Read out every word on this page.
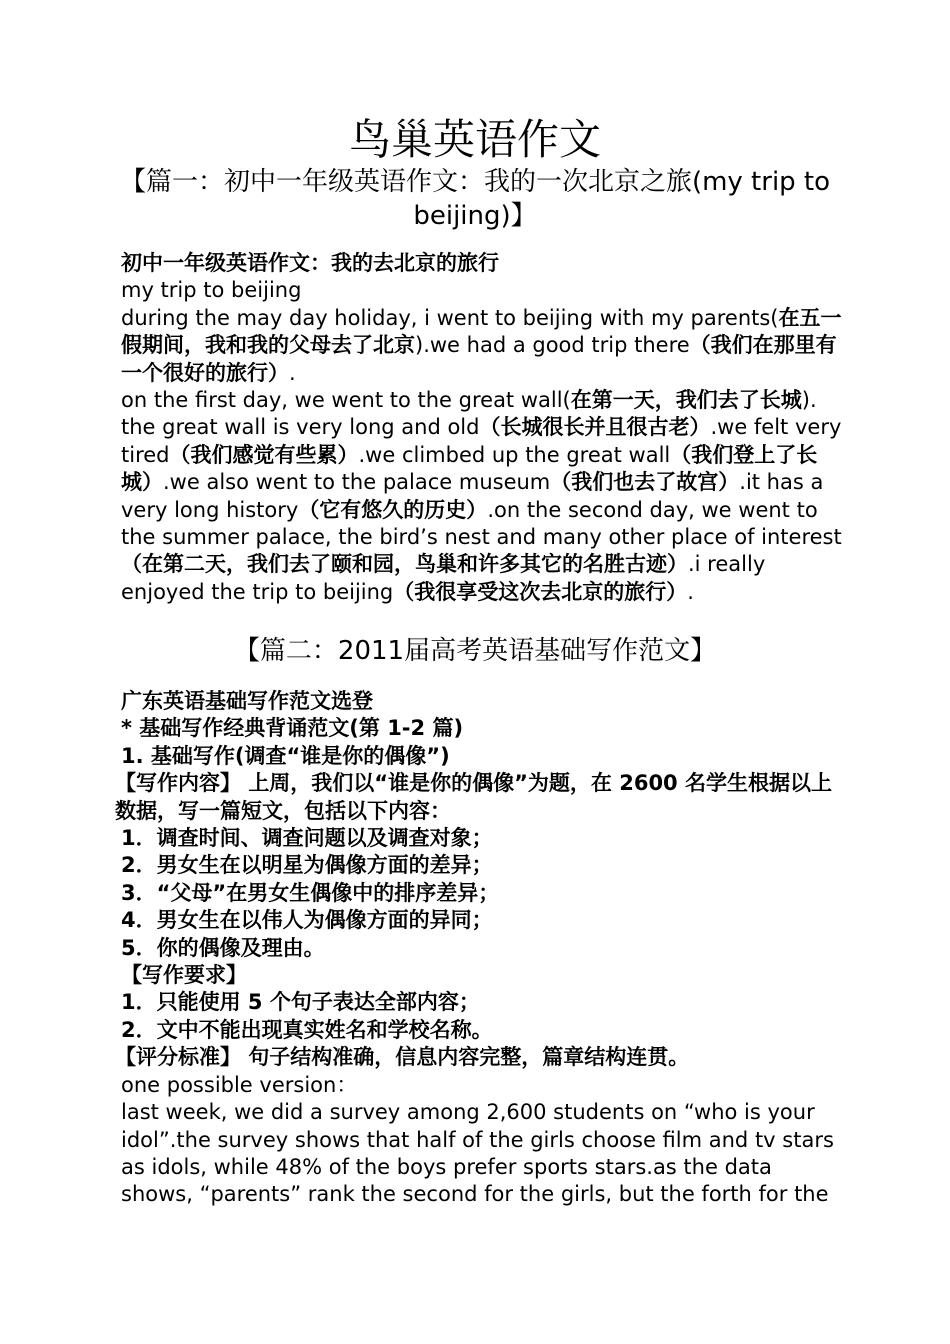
鸟巢英语作文
【篇一：初中一年级英语作文：我的一次北京之旅(my trip to beijing)】

初中一年级英语作文：我的去北京的旅行

my trip to beijing

during the may day holiday, i went to beijing with my parents(在五一假期间，我和我的父母去了北京).we had a good trip there（我们在那里有一个很好的旅行）.

on the first day, we went to the great wall(在第一天，我们去了长城). the great wall is very long and old（长城很长并且很古老）.we felt very tired（我们感觉有些累）.we climbed up the great wall（我们登上了长城）.we also went to the palace museum（我们也去了故宫）.it has a very long history（它有悠久的历史）.on the second day, we went to the summer palace, the bird’s nest and many other place of interest（在第二天，我们去了颐和园，鸟巢和许多其它的名胜古迹）.i really enjoyed the trip to beijing（我很享受这次去北京的旅行）.

【篇二：2011届高考英语基础写作范文】

广东英语基础写作范文选登

* 基础写作经典背诵范文(第 1-2 篇)

1. 基础写作(调查“谁是你的偶像”)

【写作内容】 上周，我们以“谁是你的偶像”为题，在 2600 名学生根据以上数据，写一篇短文，包括以下内容：

1．调查时间、调查问题以及调查对象；

2．男女生在以明星为偶像方面的差异；

3．“父母”在男女生偶像中的排序差异；

4．男女生在以伟人为偶像方面的异同；

5．你的偶像及理由。

【写作要求】

1．只能使用 5 个句子表达全部内容；

2．文中不能出现真实姓名和学校名称。

【评分标准】 句子结构准确，信息内容完整，篇章结构连贯。

one possible version：

last week, we did a survey among 2,600 students on “who is your idol”.the survey shows that half of the girls choose film and tv stars as idols, while 48% of the boys prefer sports stars.as the data shows, “parents” rank the second for the girls, but the forth for the
